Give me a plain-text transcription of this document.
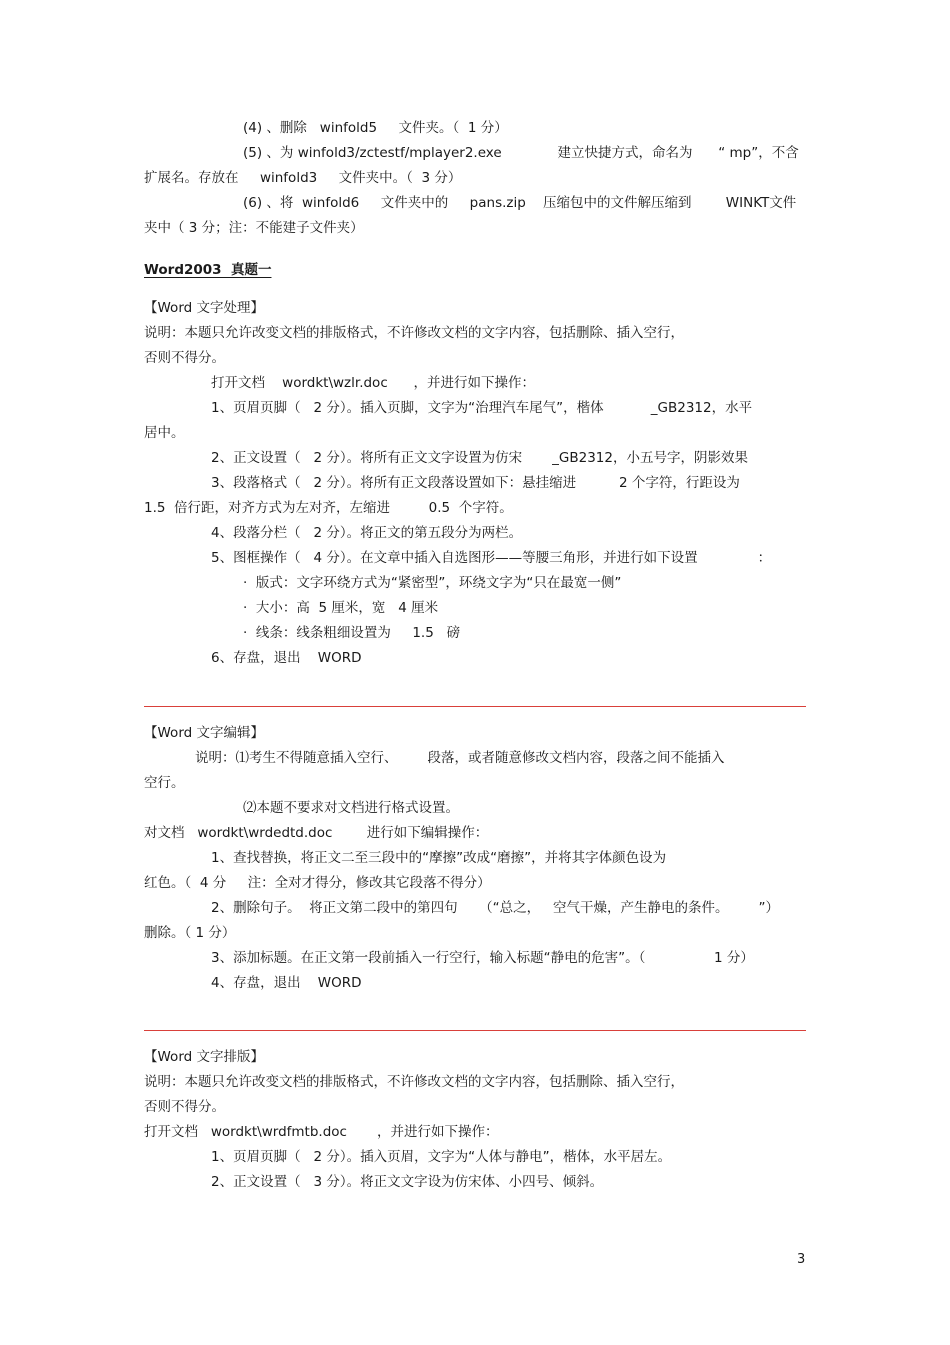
(4) 、删除   winfold5     文件夹。（  1 分）

(5) 、为 winfold3/zctestf/mplayer2.exe             建立快捷方式，命名为      “ mp”，不含

扩展名。存放在     winfold3     文件夹中。（  3 分）

(6) 、将  winfold6     文件夹中的     pans.zip    压缩包中的文件解压缩到        WINKT文件

夹中（ 3 分；注：不能建子文件夹）

Word2003  真题一

【Word 文字处理】

说明：本题只允许改变文档的排版格式，不许修改文档的文字内容，包括删除、插入空行，

否则不得分。

打开文档    wordkt\wzlr.doc      ，并进行如下操作：

1、页眉页脚（   2 分）。插入页脚，文字为“治理汽车尾气”，楷体           _GB2312，水平

居中。

2、正文设置（   2 分）。将所有正文文字设置为仿宋       _GB2312，小五号字，阴影效果

3、段落格式（   2 分）。将所有正文段落设置如下：悬挂缩进          2 个字符，行距设为

1.5  倍行距，对齐方式为左对齐，左缩进         0.5  个字符。

4、段落分栏（   2 分）。将正文的第五段分为两栏。

5、图框操作（   4 分）。在文章中插入自选图形——等腰三角形，并进行如下设置              ：

·  版式：文字环绕方式为“紧密型”，环绕文字为“只在最宽一侧”

·  大小：高  5 厘米，宽   4 厘米

·  线条：线条粗细设置为     1.5   磅

6、存盘，退出    WORD

【Word 文字编辑】

说明：⑴考生不得随意插入空行、       段落，或者随意修改文档内容，段落之间不能插入

空行。

⑵本题不要求对文档进行格式设置。

对文档   wordkt\wrdedtd.doc        进行如下编辑操作：

1、查找替换，将正文二至三段中的“摩擦”改成“磨擦”，并将其字体颜色设为

红色。（  4 分     注：全对才得分，修改其它段落不得分）

2、删除句子。  将正文第二段中的第四句     （“总之，   空气干燥，产生静电的条件。       ”）

删除。（ 1 分）

3、添加标题。在正文第一段前插入一行空行，输入标题“静电的危害”。（                1 分）

4、存盘，退出    WORD

【Word 文字排版】

说明：本题只允许改变文档的排版格式，不许修改文档的文字内容，包括删除、插入空行，

否则不得分。

打开文档   wordkt\wrdfmtb.doc       ，并进行如下操作：

1、页眉页脚（   2 分）。插入页眉，文字为“人体与静电”，楷体，水平居左。

2、正文设置（   3 分）。将正文文字设为仿宋体、小四号、倾斜。

3
